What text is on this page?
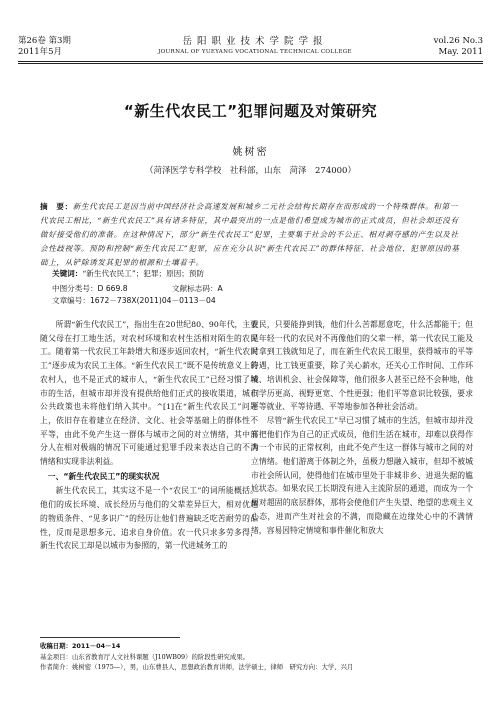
第26卷 第3期
2011年5月
岳阳职业技术学院学报
JOURNAL OF YUEYANG VOCATIONAL TECHNICAL COLLEGE
vol.26 No.3
May. 2011
“新生代农民工”犯罪问题及对策研究
姚树密
（菏泽医学专科学校　社科部，山东　菏泽　274000）
摘　要：新生代农民工是因当前中国经济社会高速发展和城乡二元社会结构长期存在而形成的一个特殊群体。和第一代农民工相比，“新生代农民工”具有诸多特征，其中最突出的一点是他们希望成为城市的正式成员，但社会却还没有做好接受他们的准备。在这种情况下，部分“新生代农民工”犯罪，主要集于社会的不公正、相对剥夺感的产生以及社会性歧视等。预防和控制“新生代农民工”犯罪，应在充分认识“新生代农民工”的群体特征、社会地位、犯罪原因的基础上，从铲除诱发其犯罪的根源和土壤着手。
关键词：“新生代农民工”；犯罪；原因；预防
中图分类号：D 669.8	文献标志码：A文章编号：1672－738X(2011)04－0113－04

所谓“新生代农民工”，指出生在20世纪80、90年代，主要随父母在打工地生活，对农村环境和农村生活相对陌生的农民工。随着第一代农民工年龄增大和逐步返回农村，“新生代农民工”逐步成为农民工主体。“新生代农民工”既不是传统意义上的农村人，也不是正式的城市人，“新生代农民工”已经习惯了城市的生活，但城市却并没有提供给他们正式的接收渠道，城市公共政策也未将他们纳入其中。^[1]在“新生代农民工”问题上，依旧存在着建立在经济、文化、社会等基础上的群体性不平等，由此不免产生这一群体与城市之间的对立情绪，其中部分人在相对极端的情况下可能通过犯罪手段来表达自己的不满情绪和实现非法利益。

一、“新生代农民工”的现实状况

新生代农民工，其实这不是一个“农民工”的词所能概括。他们的成长环境、成长经历与他们的父辈差异巨大，相对优越的物质条件、“见多识广”的经历让他们普遍缺乏吃苦耐劳的品性，反而是思想多元、追求自身价值。农一代只求多劳多得，新生代农民工却是以城市为参照的，第一代进城务工的

农民，只要能挣到钱，他们什么苦都愿意吃，什么活都能干；但是年轻一代的农民对不再像他们的父辈一样，第一代农民工能及时拿到工钱就知足了，而在新生代农民工眼里，获得城市的平等待遇，比工钱更重要，除了关心薪水，还关心工作时间、工作环境、培训机会、社会保障等，他们很多人甚至已经不会种地，他们学历更高、视野更宽、个性更强；他们平等意识比较强，要求平等就业、平等待遇、平等地参加各种社会活动。

尽管“新生代农民工”早已习惯了城市的生活，但城市却并没有把他们作为自己的正式成员，他们生活在城市，却难以获得作为一个市民的正常权利，由此不免产生这一群体与城市之间的对立情绪。他们游离于体制之外，虽极力想融入城市，但却不被城市社会所认同，使得他们在城市里处于非城非乡、进退失据的尴尬状态。如果农民工长期没有进入主流阶层的通道，而成为一个相对超固的底层群体，那将会使他们产生失望、绝望的悲观主义心态，进而产生对社会的不满，而隐藏在边缘处心中的不满情绪，容易因特定情境和事件催化和放大

收稿日期：2011－04－14
基金项目：山东省教育厅人文社科课题（J10WB09）的阶段性研究成果。
作者简介：姚树密（1975—），男，山东曹县人，思想政治教育讲师，法学硕士，律师　研究方向：大学、兴月
